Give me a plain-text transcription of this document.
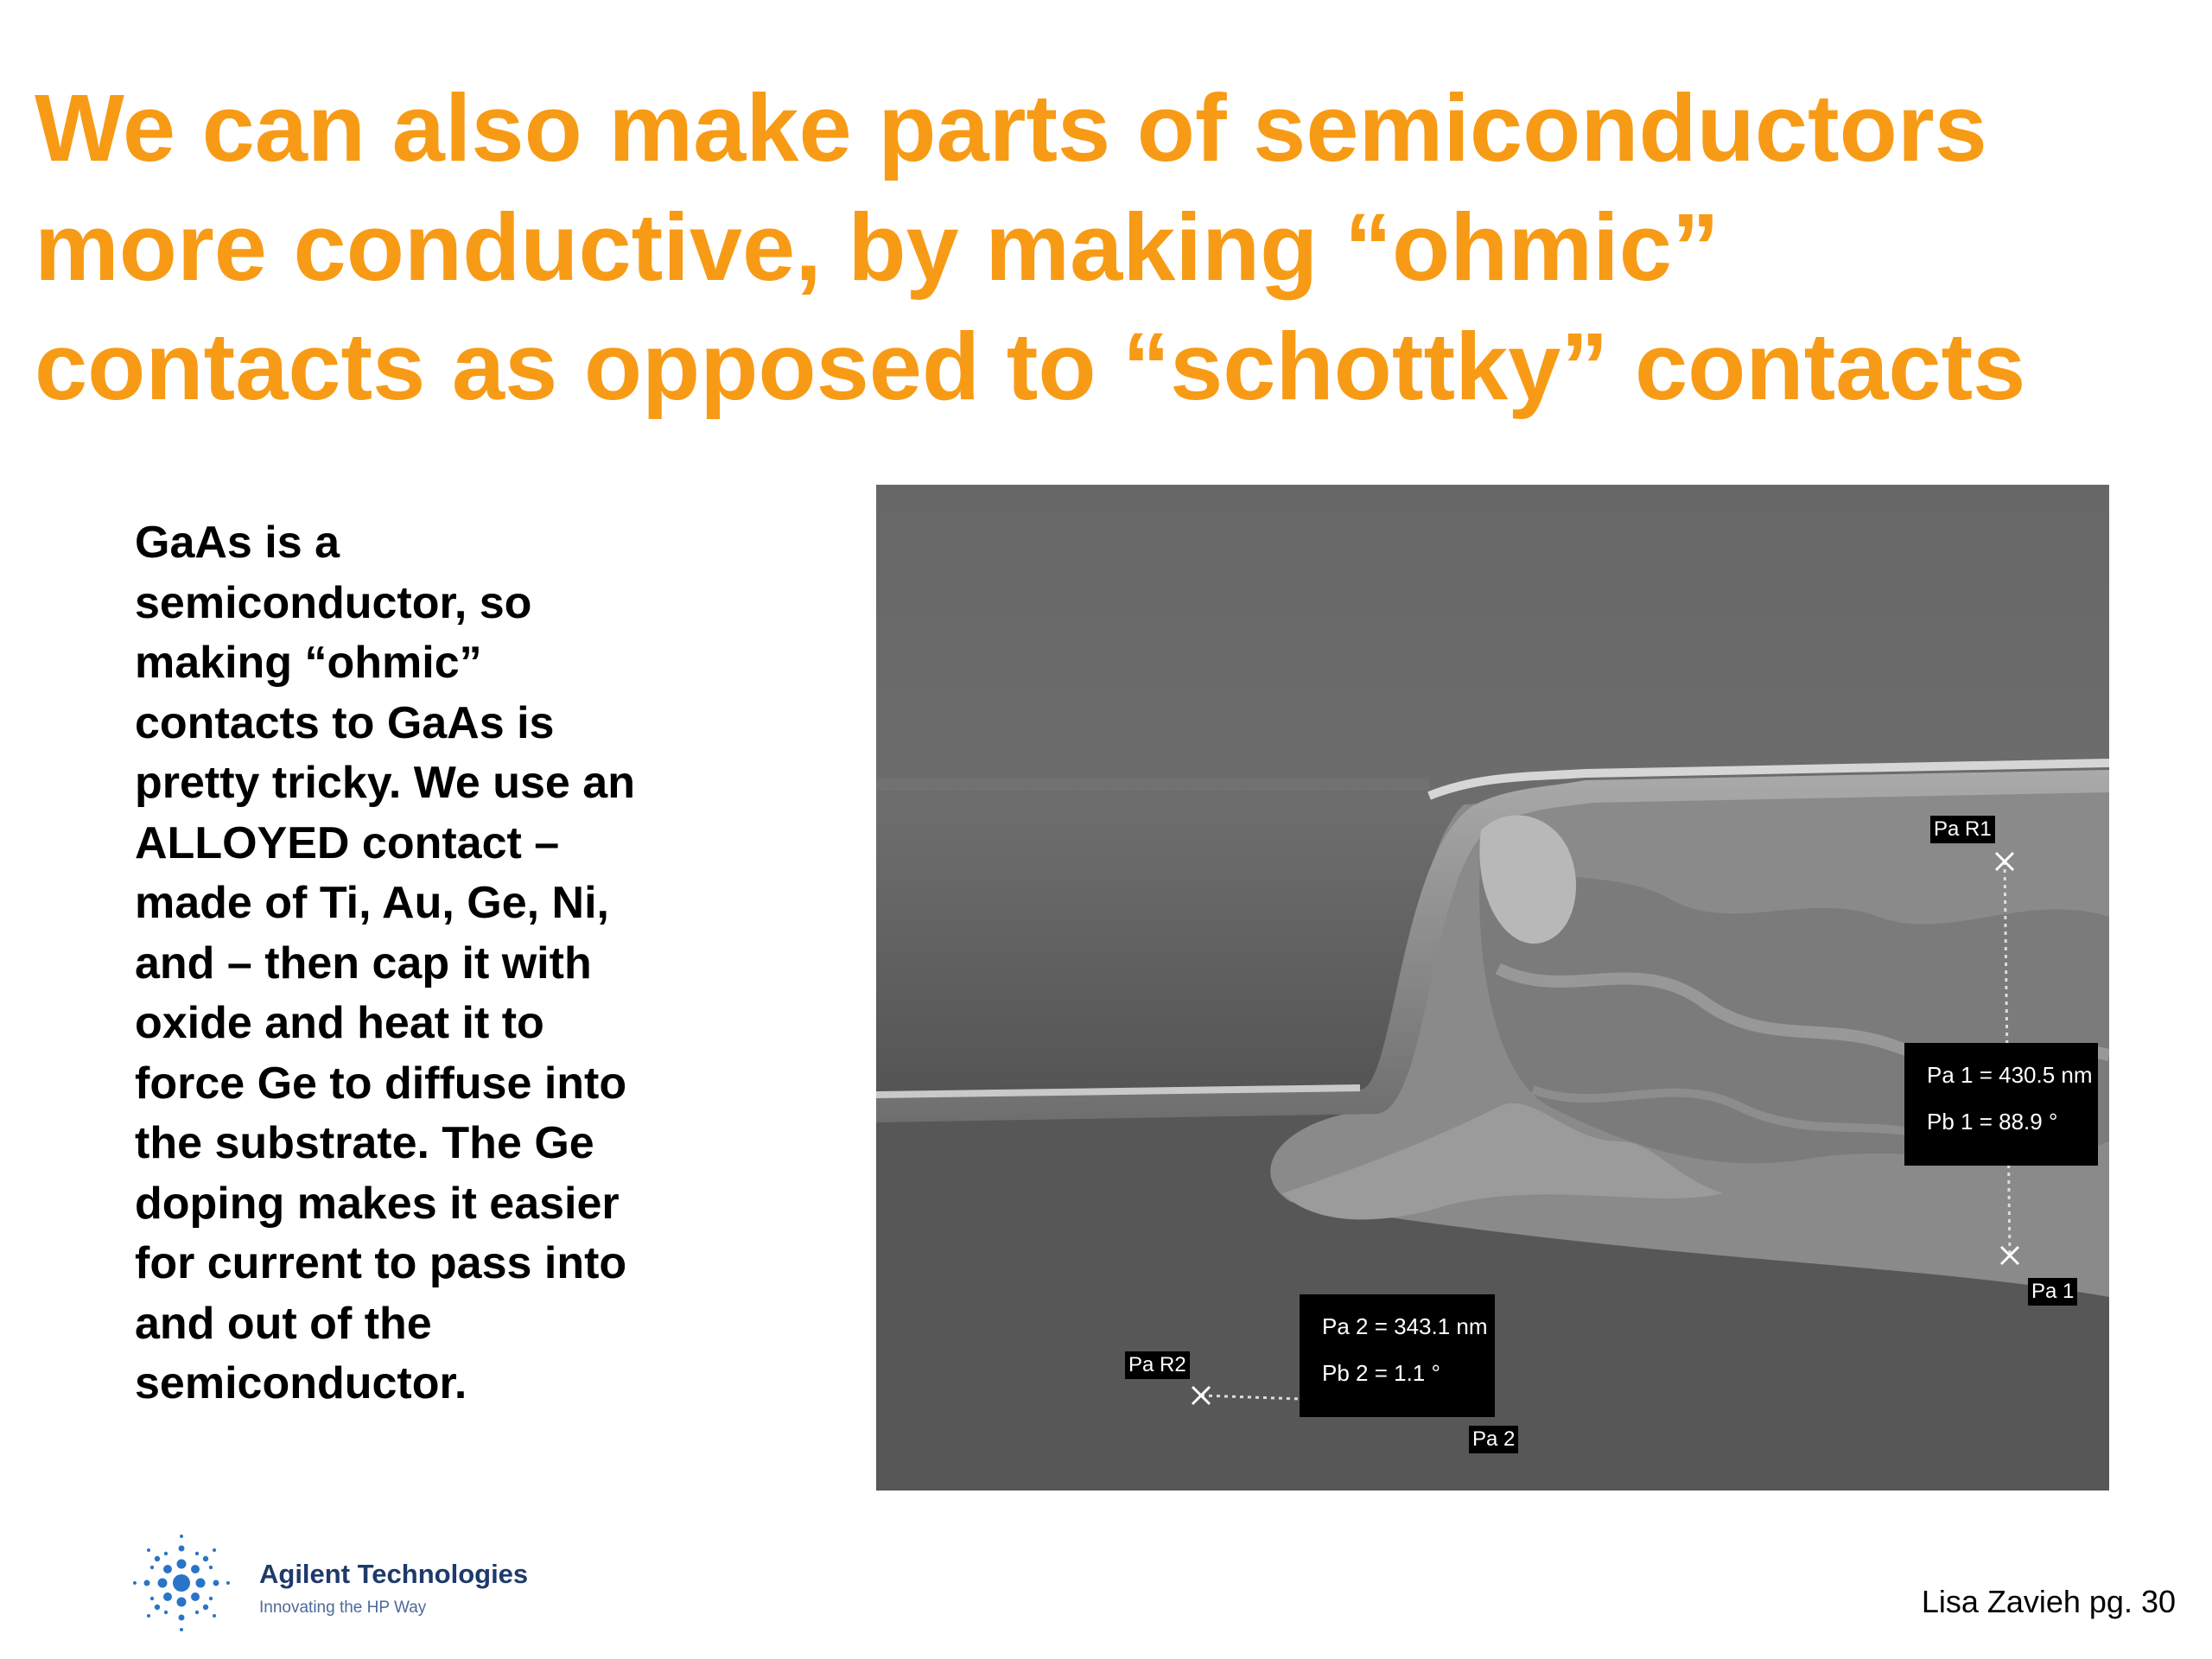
We can also make parts of semiconductors
more conductive, by making “ohmic”
contacts as opposed to “schottky” contacts
GaAs is a
semiconductor, so
making “ohmic”
contacts to GaAs is
pretty tricky. We use an
ALLOYED contact –
made of Ti, Au, Ge, Ni,
and – then cap it with
oxide and heat it to
force Ge to diffuse into
the substrate. The Ge
doping makes it easier
for current to pass into
and out of the
semiconductor.
Pa R1
Pa 1
Pa R2
Pa 2
Pa 1 = 430.5 nm
Pb 1 = 88.9 °
Pa 2 = 343.1 nm
Pb 2 = 1.1 °
Agilent Technologies
Innovating the HP Way	Lisa Zavieh pg. 30
